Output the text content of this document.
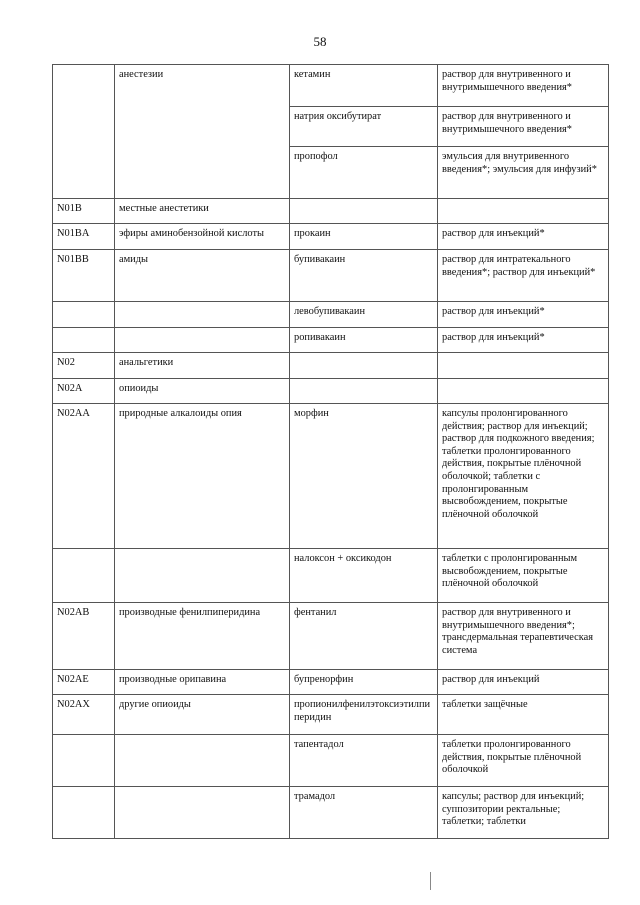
58
	анестезии	кетамин	раствор для внутривенного и внутримышечного введения*
		натрия оксибутират	раствор для внутривенного и внутримышечного введения*
		пропофол	эмульсия для внутривенного введения*; эмульсия для инфузий*
N01B	местные анестетики		
N01BA	эфиры аминобензойной кислоты	прокаин	раствор для инъекций*
N01BB	амиды	бупивакаин	раствор для интратекального введения*; раствор для инъекций*
		левобупивакаин	раствор для инъекций*
		ропивакаин	раствор для инъекций*
N02	анальгетики		
N02A	опиоиды		
N02AA	природные алкалоиды опия	морфин	капсулы пролонгированного действия; раствор для инъекций; раствор для подкожного введения; таблетки пролонгированного действия, покрытые плёночной оболочкой; таблетки с пролонгированным высвобождением, покрытые плёночной оболочкой
		налоксон + оксикодон	таблетки с пролонгированным высвобождением, покрытые плёночной оболочкой
N02AB	производные фенилпиперидина	фентанил	раствор для внутривенного и внутримышечного введения*; трансдермальная терапевтическая система
N02AE	производные орипавина	бупренорфин	раствор для инъекций
N02AX	другие опиоиды	пропионилфенилэтоксиэтилпиперидин	таблетки защёчные
		тапентадол	таблетки пролонгированного действия, покрытые плёночной оболочкой
		трамадол	капсулы; раствор для инъекций; суппозитории ректальные; таблетки; таблетки
